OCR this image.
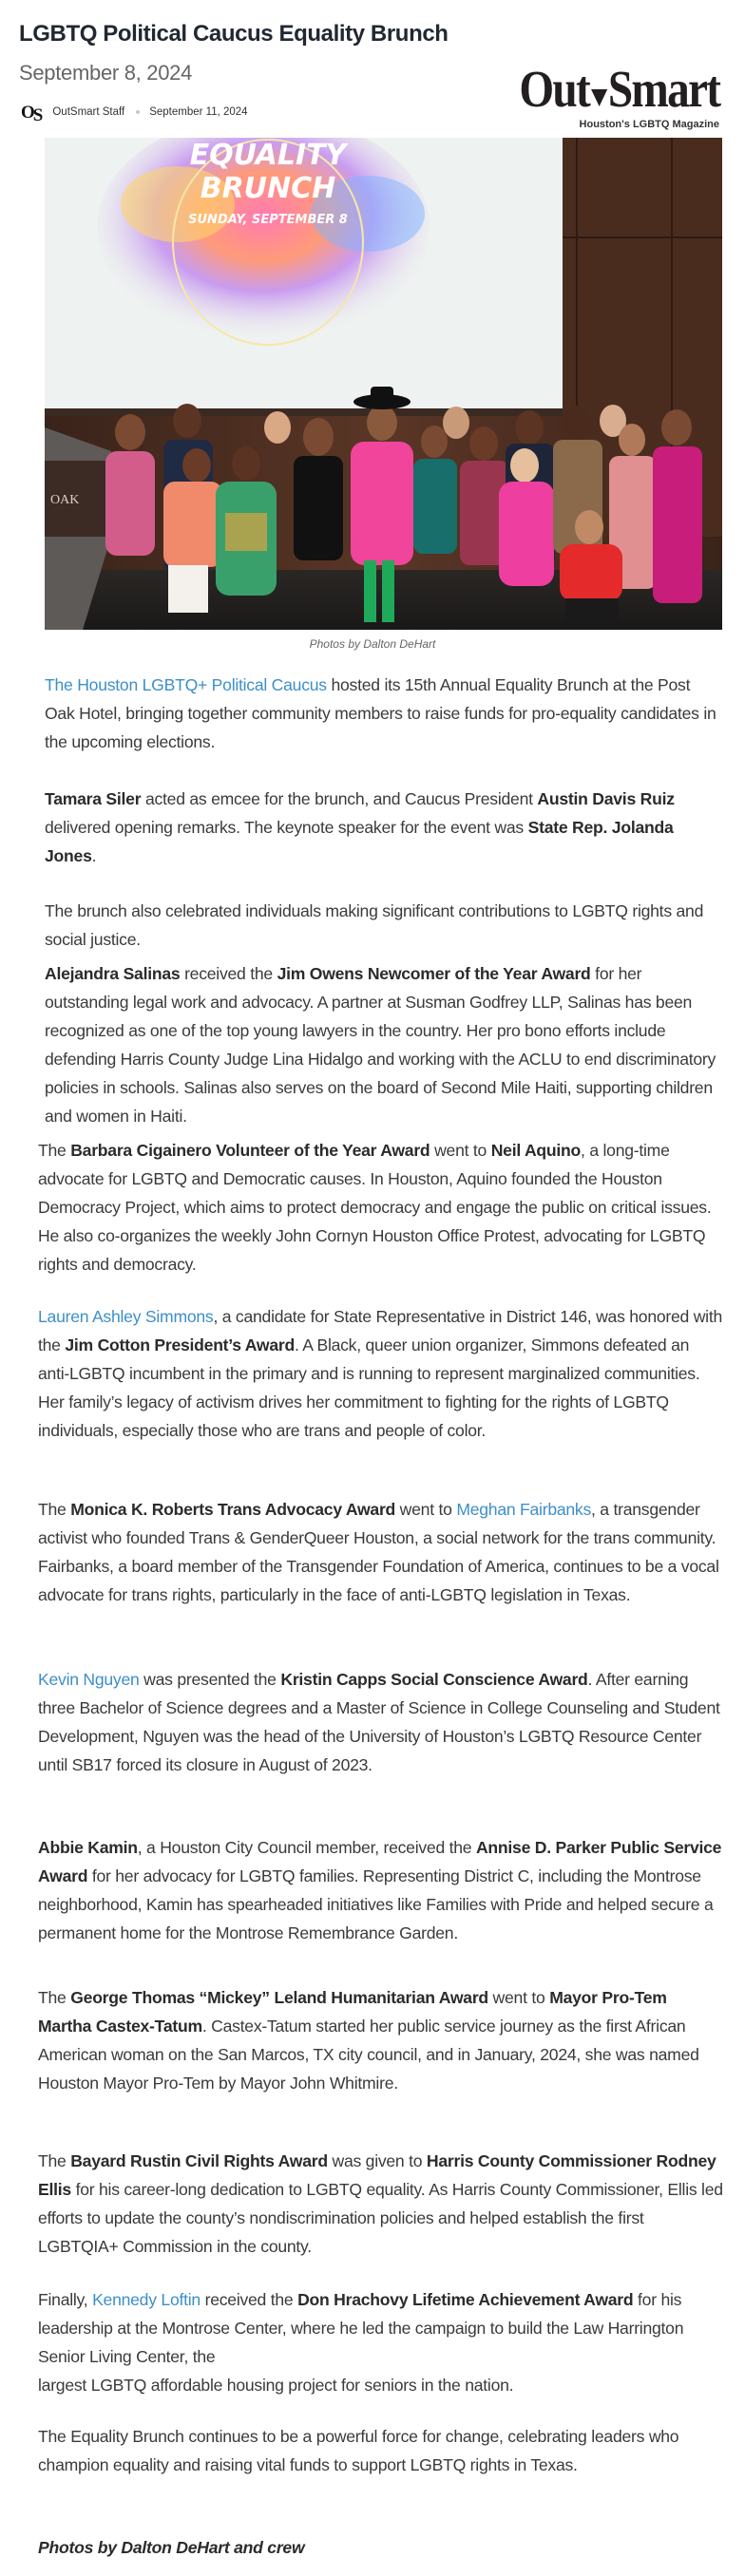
LGBTQ Political Caucus Equality Brunch
September 8, 2024
OS OutSmart Staff September 11, 2024	Out Smart
Houston's LGBTQ Magazine
EQUALITY
BRUNCH
SUNDAY, SEPTEMBER 8
OAK
Photos by Dalton DeHart

The Houston LGBTQ+ Political Caucus hosted its 15th Annual Equality Brunch at the Post Oak Hotel, bringing together community members to raise funds for pro-equality candidates in the upcoming elections.

Tamara Siler acted as emcee for the brunch, and Caucus President Austin Davis Ruiz delivered opening remarks. The keynote speaker for the event was State Rep. Jolanda Jones.

The brunch also celebrated individuals making significant contributions to LGBTQ rights and social justice.

Alejandra Salinas received the Jim Owens Newcomer of the Year Award for her outstanding legal work and advocacy. A partner at Susman Godfrey LLP, Salinas has been recognized as one of the top young lawyers in the country. Her pro bono efforts include defending Harris County Judge Lina Hidalgo and working with the ACLU to end discriminatory policies in schools. Salinas also serves on the board of Second Mile Haiti, supporting children and women in Haiti.

The Barbara Cigainero Volunteer of the Year Award went to Neil Aquino, a long-time advocate for LGBTQ and Democratic causes. In Houston, Aquino founded the Houston Democracy Project, which aims to protect democracy and engage the public on critical issues. He also co-organizes the weekly John Cornyn Houston Office Protest, advocating for LGBTQ rights and democracy.

Lauren Ashley Simmons, a candidate for State Representative in District 146, was honored with the Jim Cotton President’s Award. A Black, queer union organizer, Simmons defeated an anti-LGBTQ incumbent in the primary and is running to represent marginalized communities. Her family’s legacy of activism drives her commitment to fighting for the rights of LGBTQ individuals, especially those who are trans and people of color.

The Monica K. Roberts Trans Advocacy Award went to Meghan Fairbanks, a transgender activist who founded Trans & GenderQueer Houston, a social network for the trans community. Fairbanks, a board member of the Transgender Foundation of America, continues to be a vocal advocate for trans rights, particularly in the face of anti-LGBTQ legislation in Texas.

Kevin Nguyen was presented the Kristin Capps Social Conscience Award. After earning three Bachelor of Science degrees and a Master of Science in College Counseling and Student Development, Nguyen was the head of the University of Houston’s LGBTQ Resource Center until SB17 forced its closure in August of 2023.

Abbie Kamin, a Houston City Council member, received the Annise D. Parker Public Service Award for her advocacy for LGBTQ families. Representing District C, including the Montrose neighborhood, Kamin has spearheaded initiatives like Families with Pride and helped secure a permanent home for the Montrose Remembrance Garden.

The George Thomas “Mickey” Leland Humanitarian Award went to Mayor Pro-Tem Martha Castex-Tatum. Castex-Tatum started her public service journey as the first African American woman on the San Marcos, TX city council, and in January, 2024, she was named Houston Mayor Pro-Tem by Mayor John Whitmire.

The Bayard Rustin Civil Rights Award was given to Harris County Commissioner Rodney Ellis for his career-long dedication to LGBTQ equality. As Harris County Commissioner, Ellis led efforts to update the county’s nondiscrimination policies and helped establish the first LGBTQIA+ Commission in the county.

Finally, Kennedy Loftin received the Don Hrachovy Lifetime Achievement Award for his leadership at the Montrose Center, where he led the campaign to build the Law Harrington Senior Living Center, the
largest LGBTQ affordable housing project for seniors in the nation.

The Equality Brunch continues to be a powerful force for change, celebrating leaders who champion equality and raising vital funds to support LGBTQ rights in Texas.

Photos by Dalton DeHart and crew
